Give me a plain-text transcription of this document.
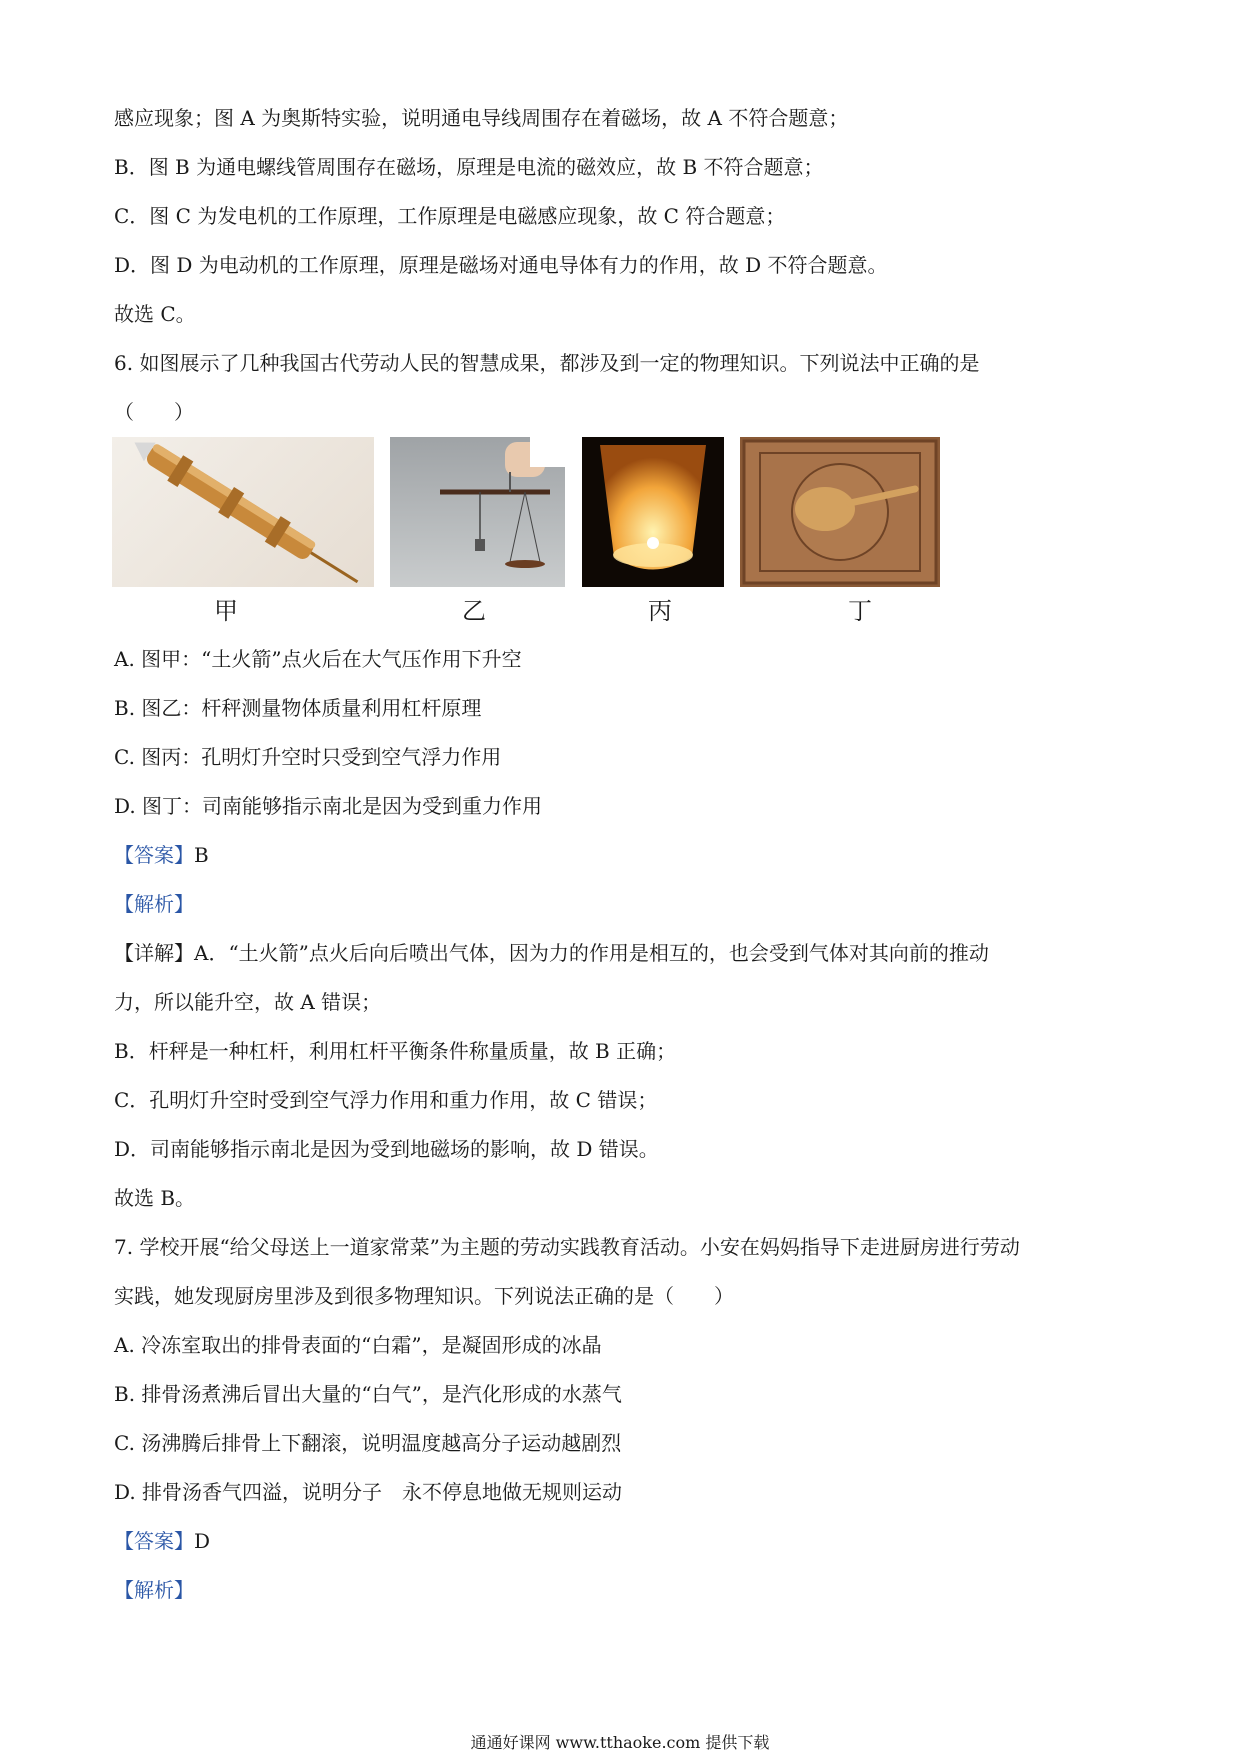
感应现象；图 A 为奥斯特实验，说明通电导线周围存在着磁场，故 A 不符合题意；
B．图 B 为通电螺线管周围存在磁场，原理是电流的磁效应，故 B 不符合题意；
C．图 C 为发电机的工作原理，工作原理是电磁感应现象，故 C 符合题意；
D．图 D 为电动机的工作原理，原理是磁场对通电导体有力的作用，故 D 不符合题意。
故选 C。
6. 如图展示了几种我国古代劳动人民的智慧成果，都涉及到一定的物理知识。下列说法中正确的是
（　　）
甲	乙	丙	丁
A. 图甲：“土火箭”点火后在大气压作用下升空
B. 图乙：杆秤测量物体质量利用杠杆原理
C. 图丙：孔明灯升空时只受到空气浮力作用
D. 图丁：司南能够指示南北是因为受到重力作用
【答案】B
【解析】
【详解】A．“土火箭”点火后向后喷出气体，因为力的作用是相互的，也会受到气体对其向前的推动
力，所以能升空，故 A 错误；
B．杆秤是一种杠杆，利用杠杆平衡条件称量质量，故 B 正确；
C．孔明灯升空时受到空气浮力作用和重力作用，故 C 错误；
D．司南能够指示南北是因为受到地磁场的影响，故 D 错误。
故选 B。
7. 学校开展“给父母送上一道家常菜”为主题的劳动实践教育活动。小安在妈妈指导下走进厨房进行劳动
实践，她发现厨房里涉及到很多物理知识。下列说法正确的是（　　）
A. 冷冻室取出的排骨表面的“白霜”，是凝固形成的冰晶
B. 排骨汤煮沸后冒出大量的“白气”，是汽化形成的水蒸气
C. 汤沸腾后排骨上下翻滚，说明温度越高分子运动越剧烈
D. 排骨汤香气四溢，说明分子　永不停息地做无规则运动
【答案】D
【解析】
通通好课网 www.tthaoke.com 提供下载
